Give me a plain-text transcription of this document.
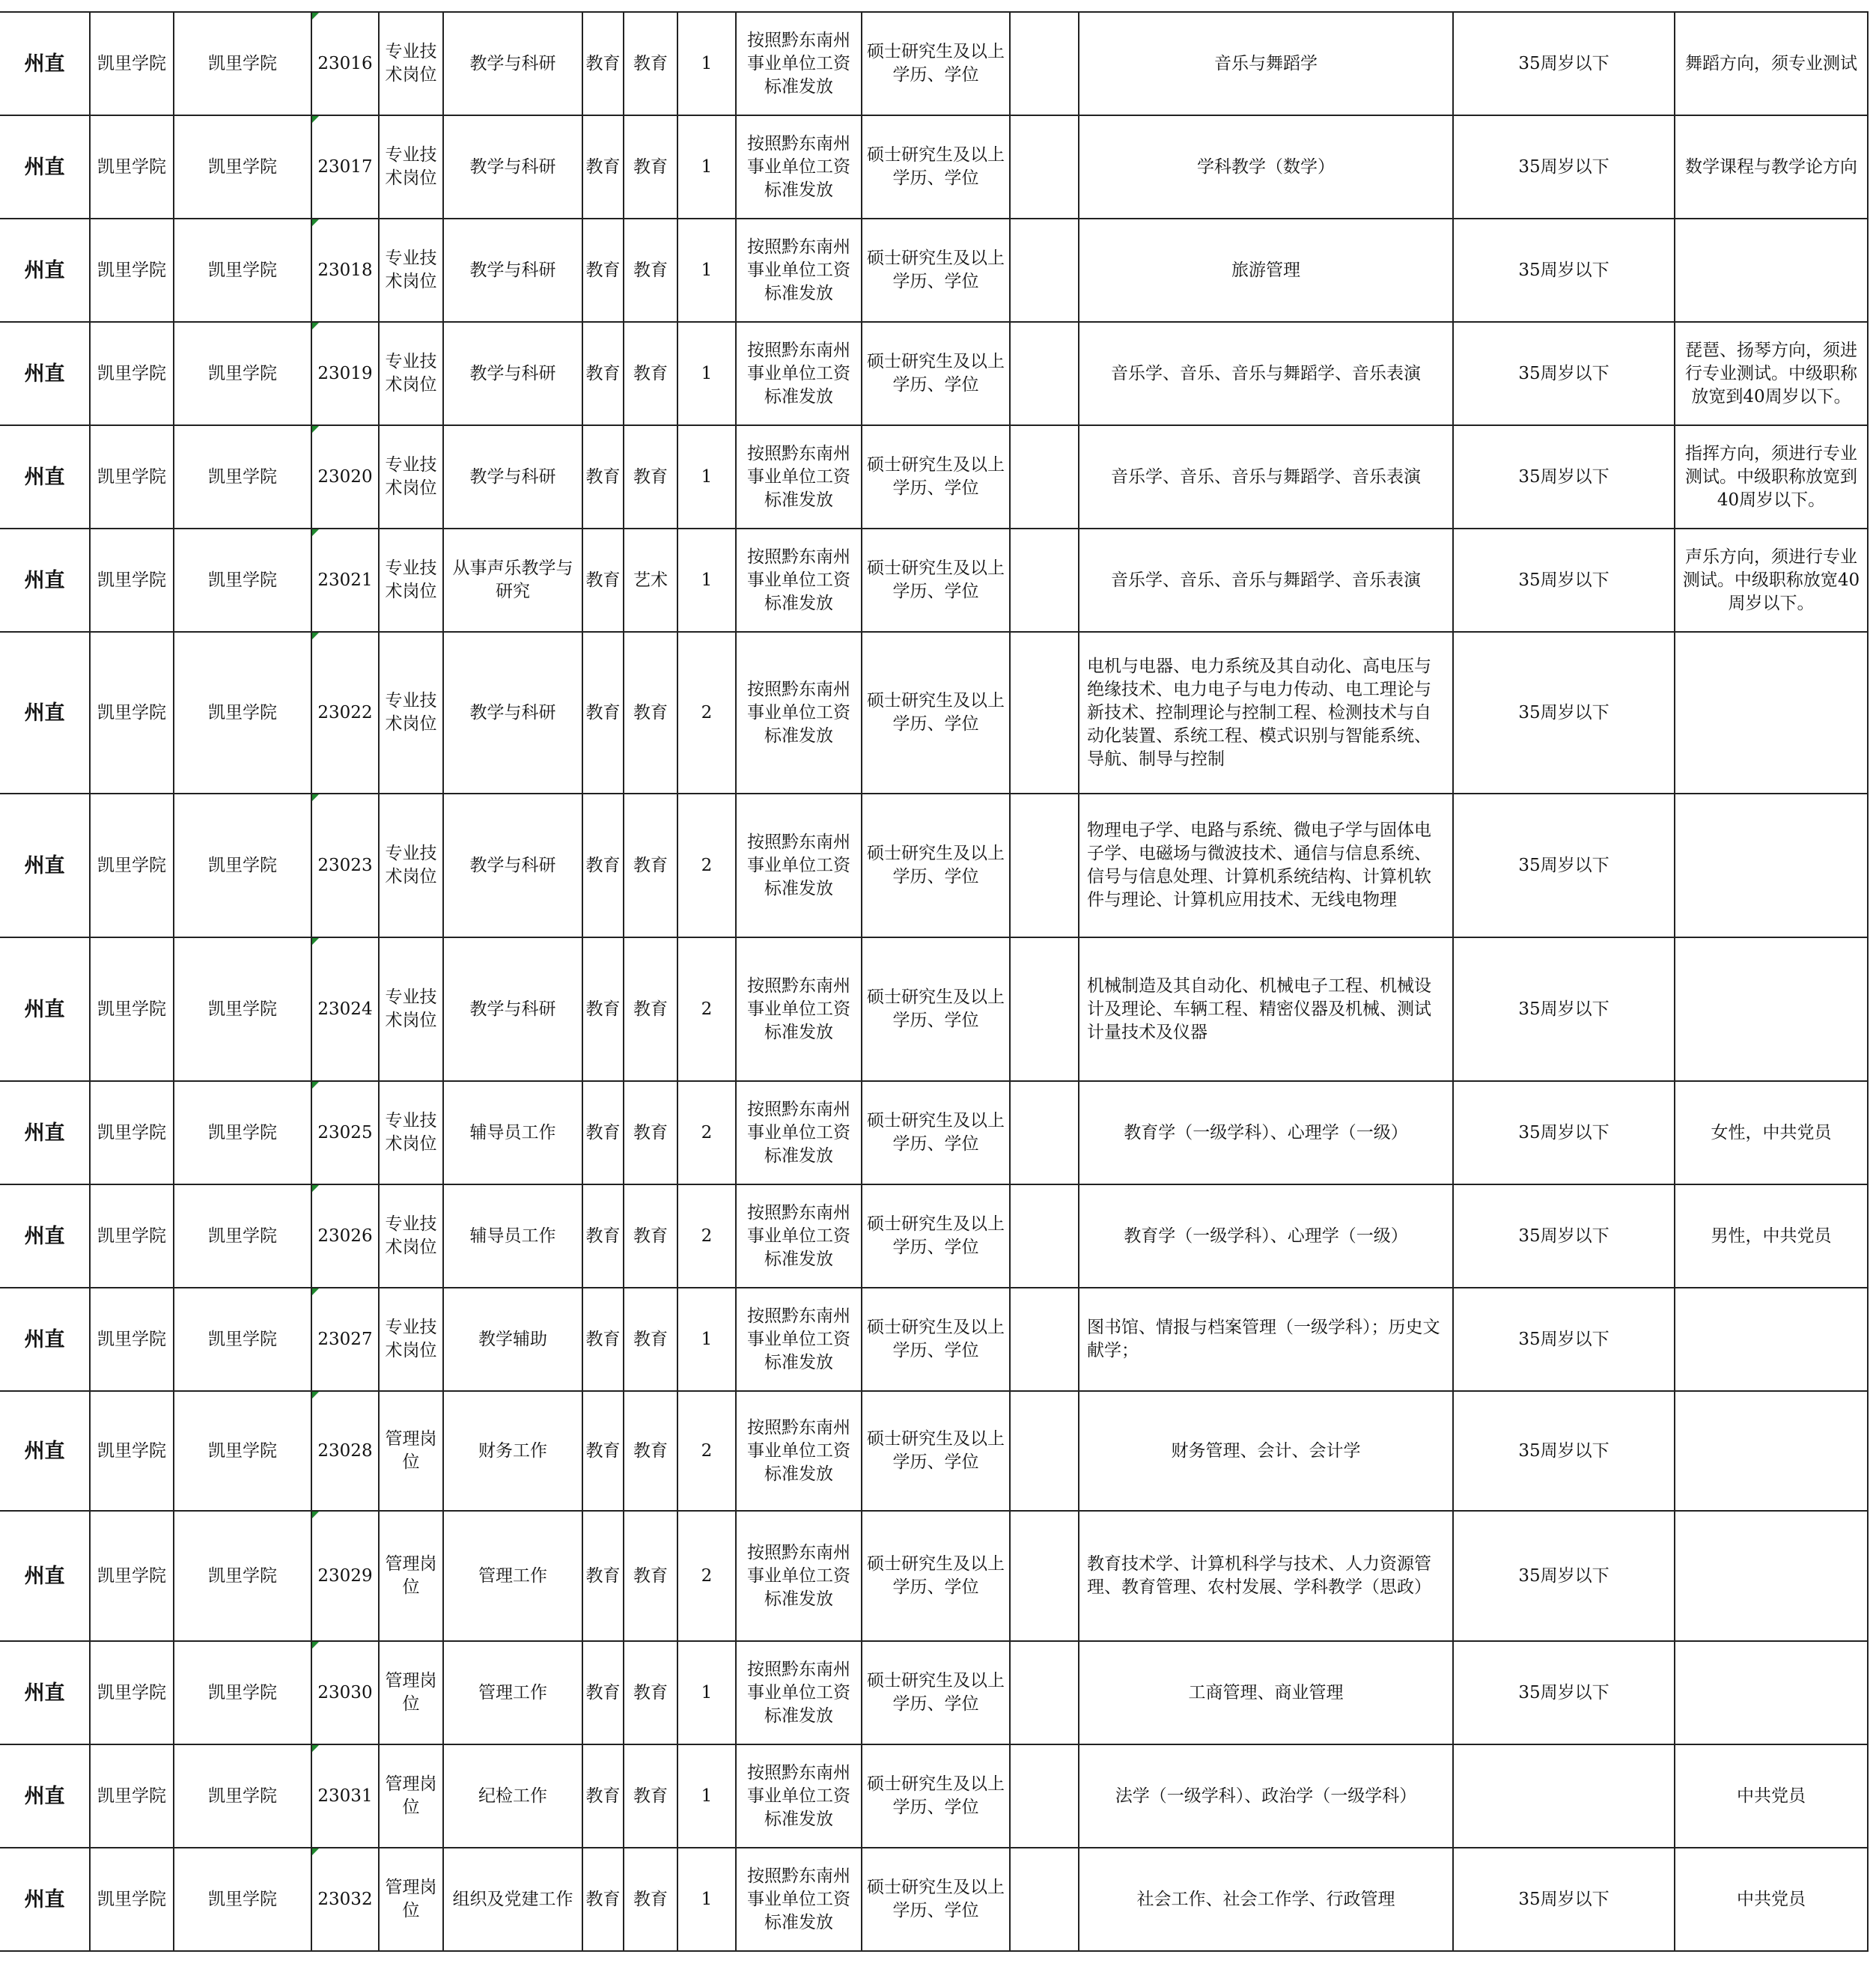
州直	凯里学院	凯里学院	23016	专业技术岗位	教学与科研	教育	教育	1	按照黔东南州事业单位工资标准发放	硕士研究生及以上学历、学位		音乐与舞蹈学	35周岁以下	舞蹈方向，须专业测试
州直	凯里学院	凯里学院	23017	专业技术岗位	教学与科研	教育	教育	1	按照黔东南州事业单位工资标准发放	硕士研究生及以上学历、学位		学科教学（数学）	35周岁以下	数学课程与教学论方向
州直	凯里学院	凯里学院	23018	专业技术岗位	教学与科研	教育	教育	1	按照黔东南州事业单位工资标准发放	硕士研究生及以上学历、学位		旅游管理	35周岁以下	
州直	凯里学院	凯里学院	23019	专业技术岗位	教学与科研	教育	教育	1	按照黔东南州事业单位工资标准发放	硕士研究生及以上学历、学位		音乐学、音乐、音乐与舞蹈学、音乐表演	35周岁以下	琵琶、扬琴方向，须进行专业测试。中级职称放宽到40周岁以下。
州直	凯里学院	凯里学院	23020	专业技术岗位	教学与科研	教育	教育	1	按照黔东南州事业单位工资标准发放	硕士研究生及以上学历、学位		音乐学、音乐、音乐与舞蹈学、音乐表演	35周岁以下	指挥方向，须进行专业测试。中级职称放宽到40周岁以下。
州直	凯里学院	凯里学院	23021	专业技术岗位	从事声乐教学与研究	教育	艺术	1	按照黔东南州事业单位工资标准发放	硕士研究生及以上学历、学位		音乐学、音乐、音乐与舞蹈学、音乐表演	35周岁以下	声乐方向，须进行专业测试。中级职称放宽40周岁以下。
州直	凯里学院	凯里学院	23022	专业技术岗位	教学与科研	教育	教育	2	按照黔东南州事业单位工资标准发放	硕士研究生及以上学历、学位		电机与电器、电力系统及其自动化、高电压与绝缘技术、电力电子与电力传动、电工理论与新技术、控制理论与控制工程、检测技术与自动化装置、系统工程、模式识别与智能系统、导航、制导与控制	35周岁以下	
州直	凯里学院	凯里学院	23023	专业技术岗位	教学与科研	教育	教育	2	按照黔东南州事业单位工资标准发放	硕士研究生及以上学历、学位		物理电子学、电路与系统、微电子学与固体电子学、电磁场与微波技术、通信与信息系统、信号与信息处理、计算机系统结构、计算机软件与理论、计算机应用技术、无线电物理	35周岁以下	
州直	凯里学院	凯里学院	23024	专业技术岗位	教学与科研	教育	教育	2	按照黔东南州事业单位工资标准发放	硕士研究生及以上学历、学位		机械制造及其自动化、机械电子工程、机械设计及理论、车辆工程、精密仪器及机械、测试计量技术及仪器	35周岁以下	
州直	凯里学院	凯里学院	23025	专业技术岗位	辅导员工作	教育	教育	2	按照黔东南州事业单位工资标准发放	硕士研究生及以上学历、学位		教育学（一级学科）、心理学（一级）	35周岁以下	女性，中共党员
州直	凯里学院	凯里学院	23026	专业技术岗位	辅导员工作	教育	教育	2	按照黔东南州事业单位工资标准发放	硕士研究生及以上学历、学位		教育学（一级学科）、心理学（一级）	35周岁以下	男性，中共党员
州直	凯里学院	凯里学院	23027	专业技术岗位	教学辅助	教育	教育	1	按照黔东南州事业单位工资标准发放	硕士研究生及以上学历、学位		图书馆、情报与档案管理（一级学科）；历史文献学；	35周岁以下	
州直	凯里学院	凯里学院	23028	管理岗位	财务工作	教育	教育	2	按照黔东南州事业单位工资标准发放	硕士研究生及以上学历、学位		财务管理、会计、会计学	35周岁以下	
州直	凯里学院	凯里学院	23029	管理岗位	管理工作	教育	教育	2	按照黔东南州事业单位工资标准发放	硕士研究生及以上学历、学位		教育技术学、计算机科学与技术、人力资源管理、教育管理、农村发展、学科教学（思政）	35周岁以下	
州直	凯里学院	凯里学院	23030	管理岗位	管理工作	教育	教育	1	按照黔东南州事业单位工资标准发放	硕士研究生及以上学历、学位		工商管理、商业管理	35周岁以下	
州直	凯里学院	凯里学院	23031	管理岗位	纪检工作	教育	教育	1	按照黔东南州事业单位工资标准发放	硕士研究生及以上学历、学位		法学（一级学科）、政治学（一级学科）		中共党员
州直	凯里学院	凯里学院	23032	管理岗位	组织及党建工作	教育	教育	1	按照黔东南州事业单位工资标准发放	硕士研究生及以上学历、学位		社会工作、社会工作学、行政管理	35周岁以下	中共党员
